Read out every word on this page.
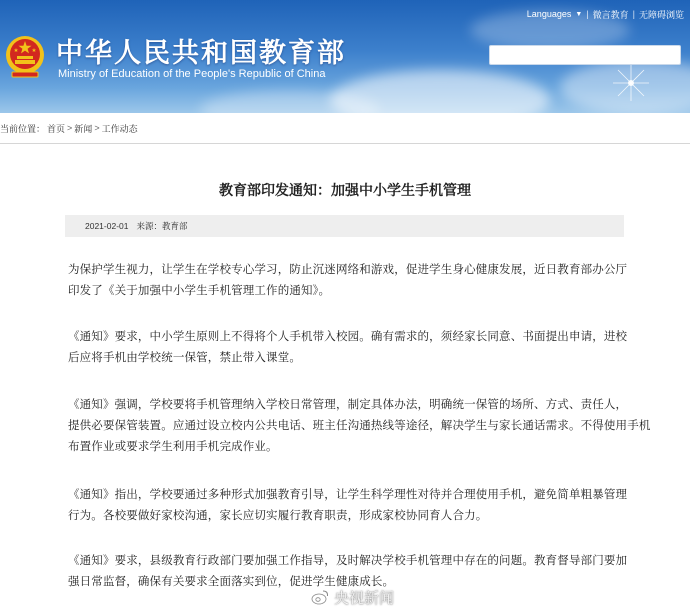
中华人民共和国教育部

Ministry of Education of the People's Republic of China

Languages ▼ | 微言教育 | 无障碍浏览
当前位置： 首页 > 新闻 > 工作动态
教育部印发通知：加强中小学生手机管理
2021-02-01 来源：教育部

为保护学生视力，让学生在学校专心学习，防止沉迷网络和游戏，促进学生身心健康发展，近日教育部办公厅
印发了《关于加强中小学生手机管理工作的通知》。

《通知》要求，中小学生原则上不得将个人手机带入校园。确有需求的，须经家长同意、书面提出申请，进校
后应将手机由学校统一保管，禁止带入课堂。

《通知》强调，学校要将手机管理纳入学校日常管理，制定具体办法，明确统一保管的场所、方式、责任人，
提供必要保管装置。应通过设立校内公共电话、班主任沟通热线等途径，解决学生与家长通话需求。不得使用手机
布置作业或要求学生利用手机完成作业。

《通知》指出，学校要通过多种形式加强教育引导，让学生科学理性对待并合理使用手机，避免简单粗暴管理
行为。各校要做好家校沟通，家长应切实履行教育职责，形成家校协同育人合力。

《通知》要求，县级教育行政部门要加强工作指导，及时解决学校手机管理中存在的问题。教育督导部门要加
强日常监督，确保有关要求全面落实到位，促进学生健康成长。

央视新闻
